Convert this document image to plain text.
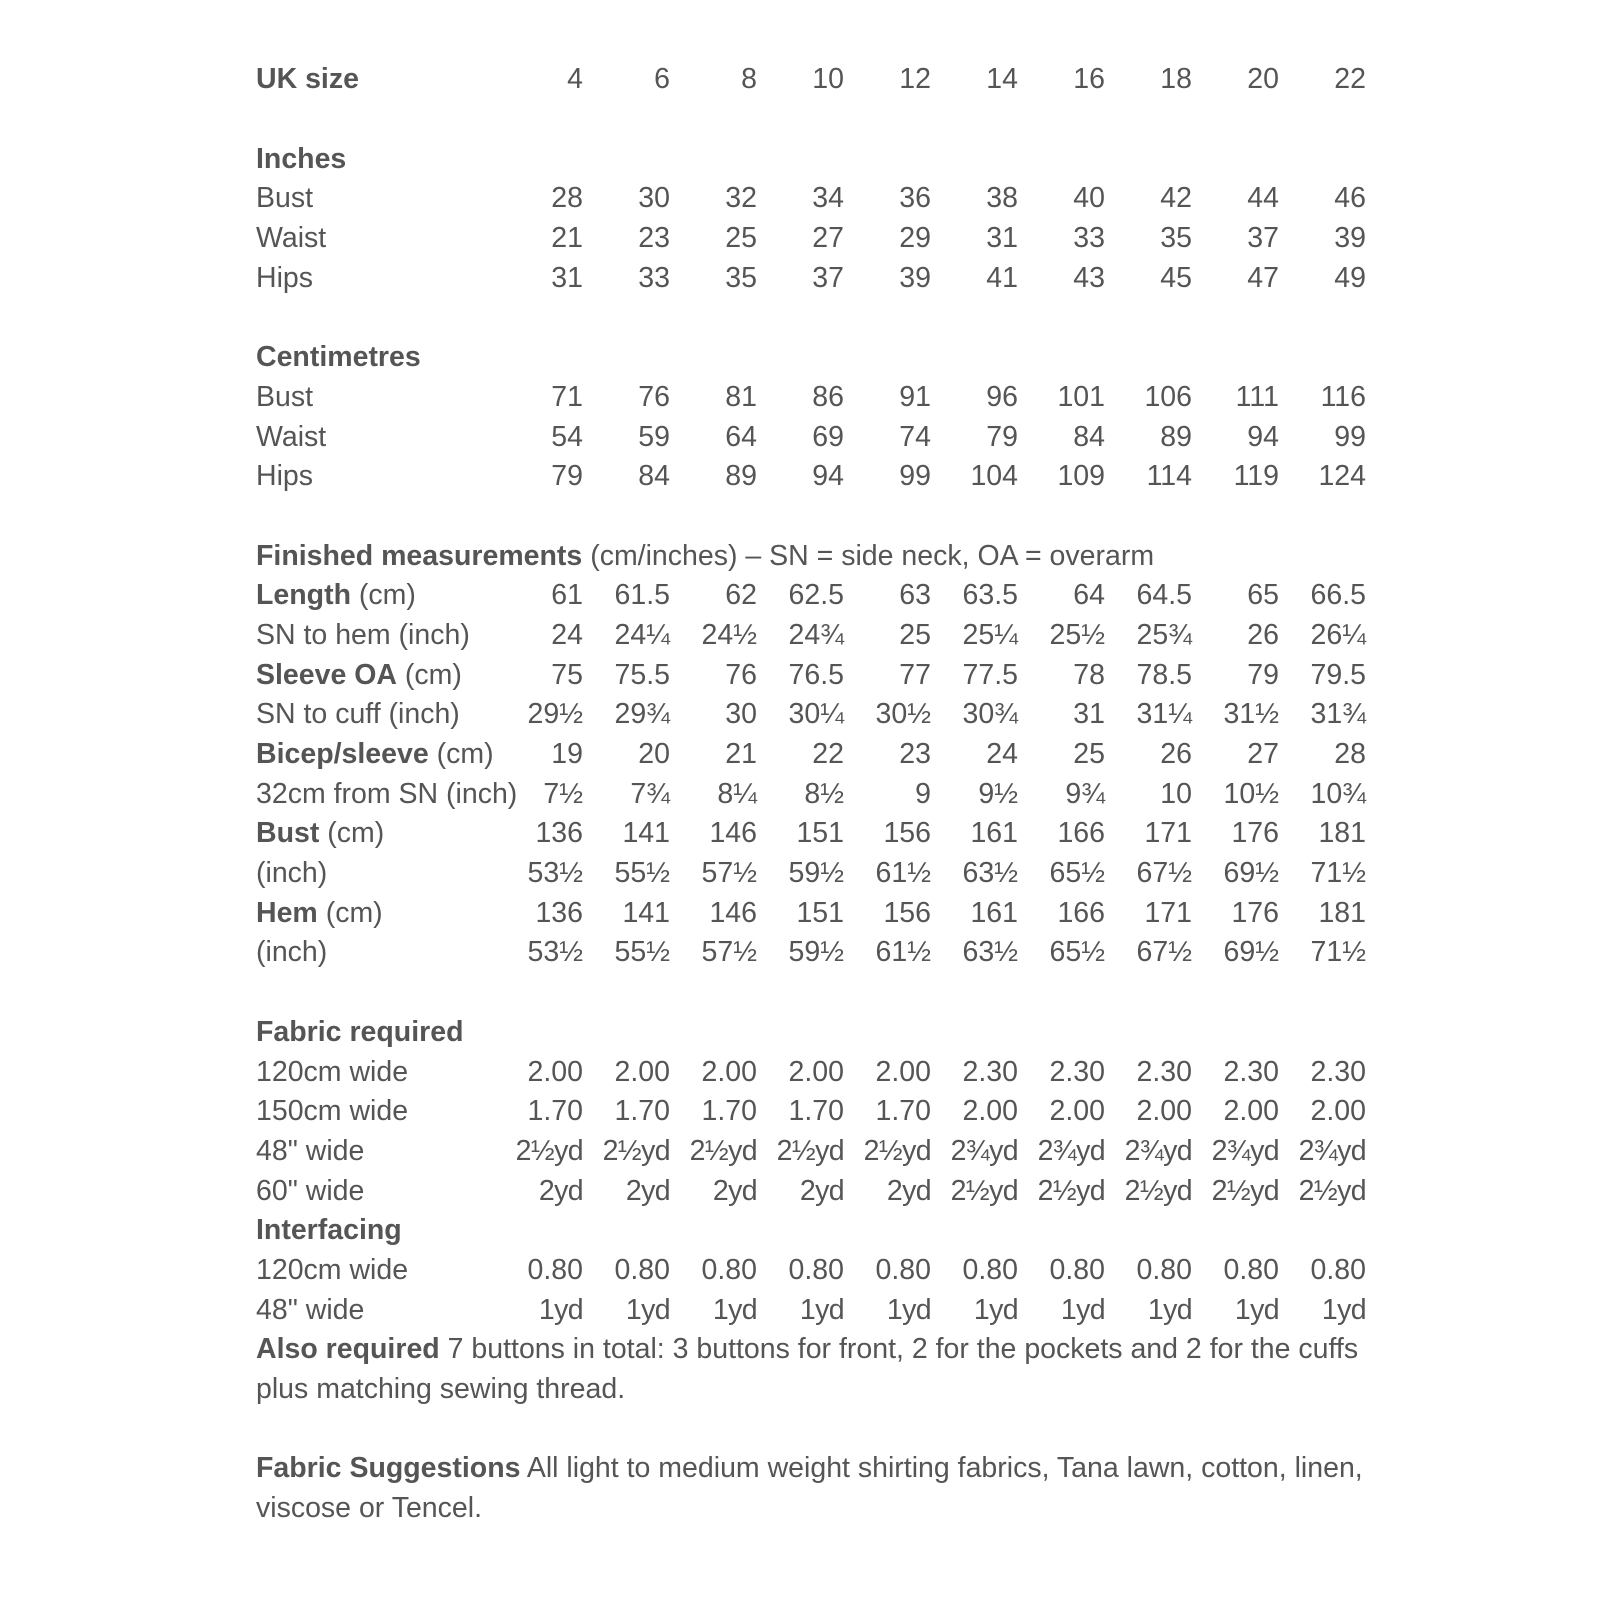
UK size	4	6	8	10	12	14	16	18	20	22
Inches
Bust	28	30	32	34	36	38	40	42	44	46
Waist	21	23	25	27	29	31	33	35	37	39
Hips	31	33	35	37	39	41	43	45	47	49
Centimetres
Bust	71	76	81	86	91	96	101	106	111	116
Waist	54	59	64	69	74	79	84	89	94	99
Hips	79	84	89	94	99	104	109	114	119	124
Finished measurements (cm/inches) – SN = side neck, OA = overarm
Length (cm)	61	61.5	62	62.5	63	63.5	64	64.5	65	66.5
SN to hem (inch)	24	24¼	24½	24¾	25	25¼	25½	25¾	26	26¼
Sleeve OA (cm)	75	75.5	76	76.5	77	77.5	78	78.5	79	79.5
SN to cuff (inch)	29½	29¾	30	30¼	30½	30¾	31	31¼	31½	31¾
Bicep/sleeve (cm)	19	20	21	22	23	24	25	26	27	28
32cm from SN (inch) 7½	7¾	8¼	8½	9	9½	9¾	10	10½	10¾
Bust (cm)	136	141	146	151	156	161	166	171	176	181
(inch)	53½	55½	57½	59½	61½	63½	65½	67½	69½	71½
Hem (cm)	136	141	146	151	156	161	166	171	176	181
(inch)	53½	55½	57½	59½	61½	63½	65½	67½	69½	71½
Fabric required
120cm wide	2.00	2.00	2.00	2.00	2.00	2.30	2.30	2.30	2.30	2.30
150cm wide	1.70	1.70	1.70	1.70	1.70	2.00	2.00	2.00	2.00	2.00
48" wide	2½yd 2½yd 2½yd 2½yd 2½yd 2¾yd 2¾yd 2¾yd 2¾yd 2¾yd
60" wide	2yd	2yd	2yd	2yd	2yd 2½yd 2½yd 2½yd 2½yd 2½yd
Interfacing
120cm wide	0.80	0.80	0.80	0.80	0.80	0.80	0.80	0.80	0.80	0.80
48" wide	1yd	1yd	1yd	1yd	1yd	1yd	1yd	1yd	1yd	1yd

Also required 7 buttons in total: 3 buttons for front, 2 for the pockets and 2 for the cuffs plus matching sewing thread.

Fabric Suggestions All light to medium weight shirting fabrics, Tana lawn, cotton, linen, viscose or Tencel.
